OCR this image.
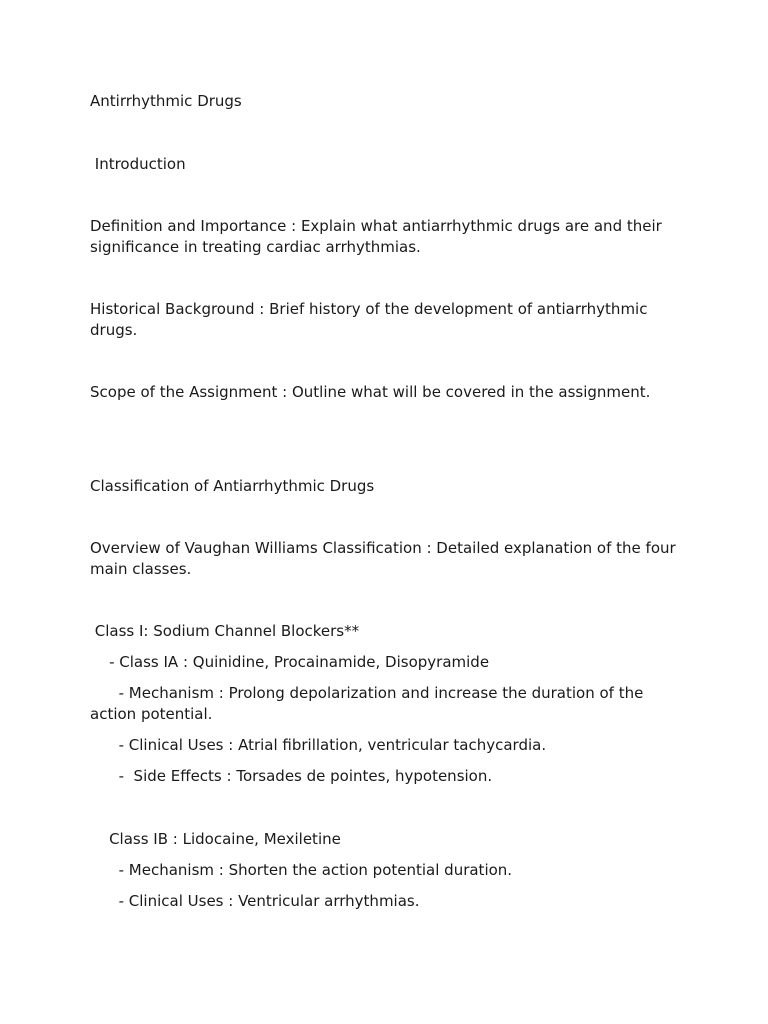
Antirrhythmic Drugs
Introduction
Definition and Importance : Explain what antiarrhythmic drugs are and their significance in treating cardiac arrhythmias.
Historical Background : Brief history of the development of antiarrhythmic drugs.
Scope of the Assignment : Outline what will be covered in the assignment.
Classification of Antiarrhythmic Drugs
Overview of Vaughan Williams Classification : Detailed explanation of the four main classes.
Class I: Sodium Channel Blockers**
- Class IA : Quinidine, Procainamide, Disopyramide
- Mechanism : Prolong depolarization and increase the duration of the action potential.
- Clinical Uses : Atrial fibrillation, ventricular tachycardia.
-  Side Effects : Torsades de pointes, hypotension.
Class IB : Lidocaine, Mexiletine
- Mechanism : Shorten the action potential duration.
- Clinical Uses : Ventricular arrhythmias.
